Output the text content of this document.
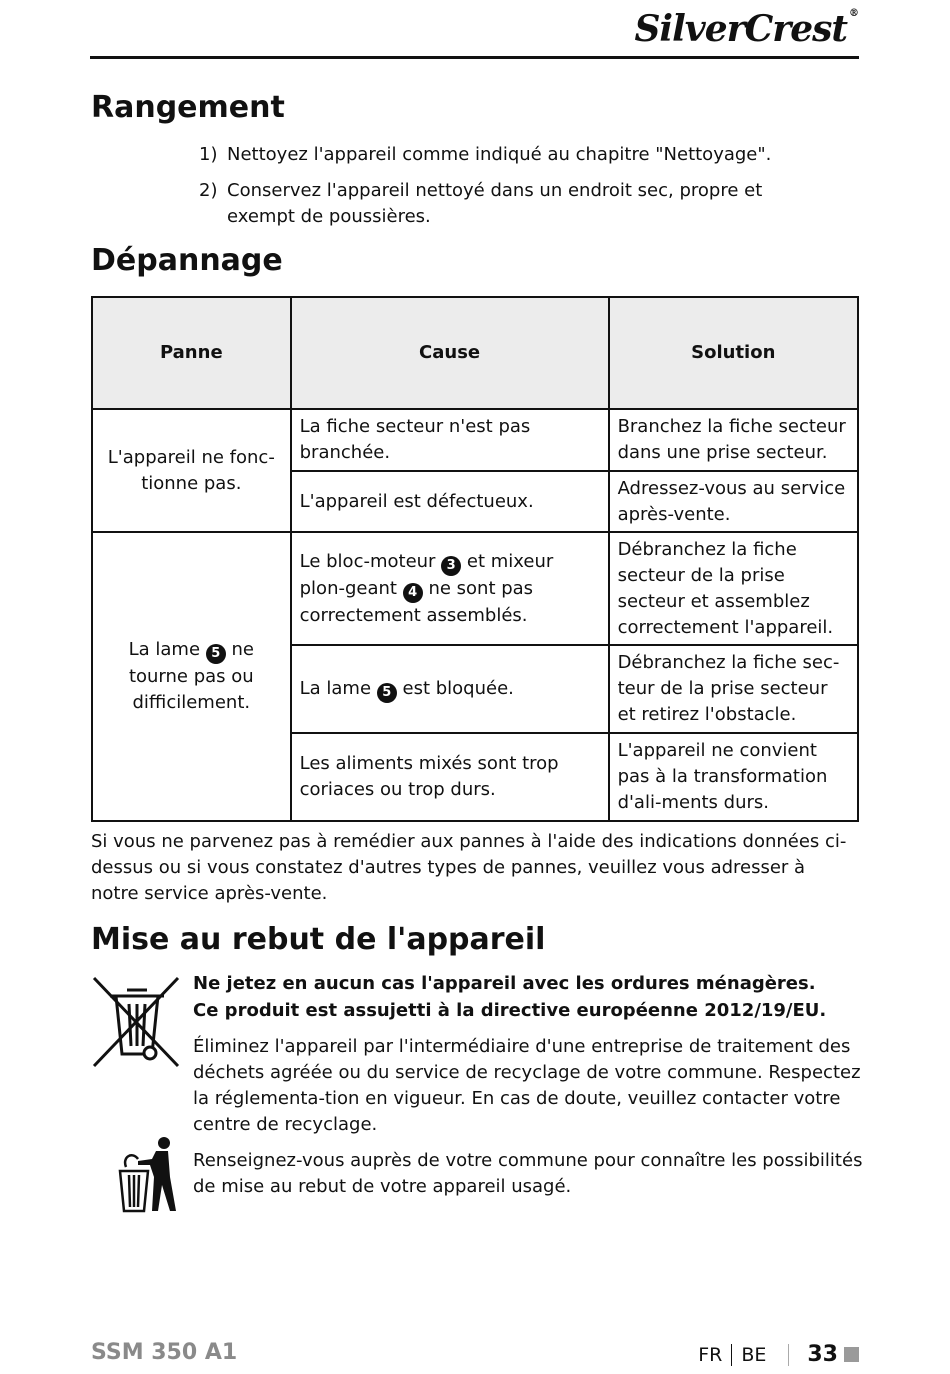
SilverCrest ®
Rangement
1) Nettoyez l'appareil comme indiqué au chapitre "Nettoyage".
2) Conservez l'appareil nettoyé dans un endroit sec, propre et exempt de poussières.
Dépannage
Panne	Cause	Solution
L'appareil ne fonc-
tionne pas.	La fiche secteur n'est pas branchée.	Branchez la fiche secteur dans une prise secteur.
	L'appareil est défectueux.	Adressez-vous au service après-vente.
La lame 5 ne tourne pas ou difficilement.	Le bloc-moteur 3 et mixeur plon-geant 4 ne sont pas correctement assemblés.	Débranchez la fiche secteur de la prise secteur et assemblez correctement l'appareil.
	La lame 5 est bloquée.	Débranchez la fiche sec-teur de la prise secteur et retirez l'obstacle.
	Les aliments mixés sont trop coriaces ou trop durs.	L'appareil ne convient pas à la transformation d'ali-ments durs.
Si vous ne parvenez pas à remédier aux pannes à l'aide des indications données ci-dessus ou si vous constatez d'autres types de pannes, veuillez vous adresser à notre service après-vente.
Mise au rebut de l'appareil
Ne jetez en aucun cas l'appareil avec les ordures ménagères.
Ce produit est assujetti à la directive européenne 2012/19/EU.
Éliminez l'appareil par l'intermédiaire d'une entreprise de traitement des déchets agréée ou du service de recyclage de votre commune. Respectez la réglementa-tion en vigueur. En cas de doute, veuillez contacter votre centre de recyclage.
Renseignez-vous auprès de votre commune pour connaître les possibilités de mise au rebut de votre appareil usagé.
SSM 350 A1	FR BE 33
